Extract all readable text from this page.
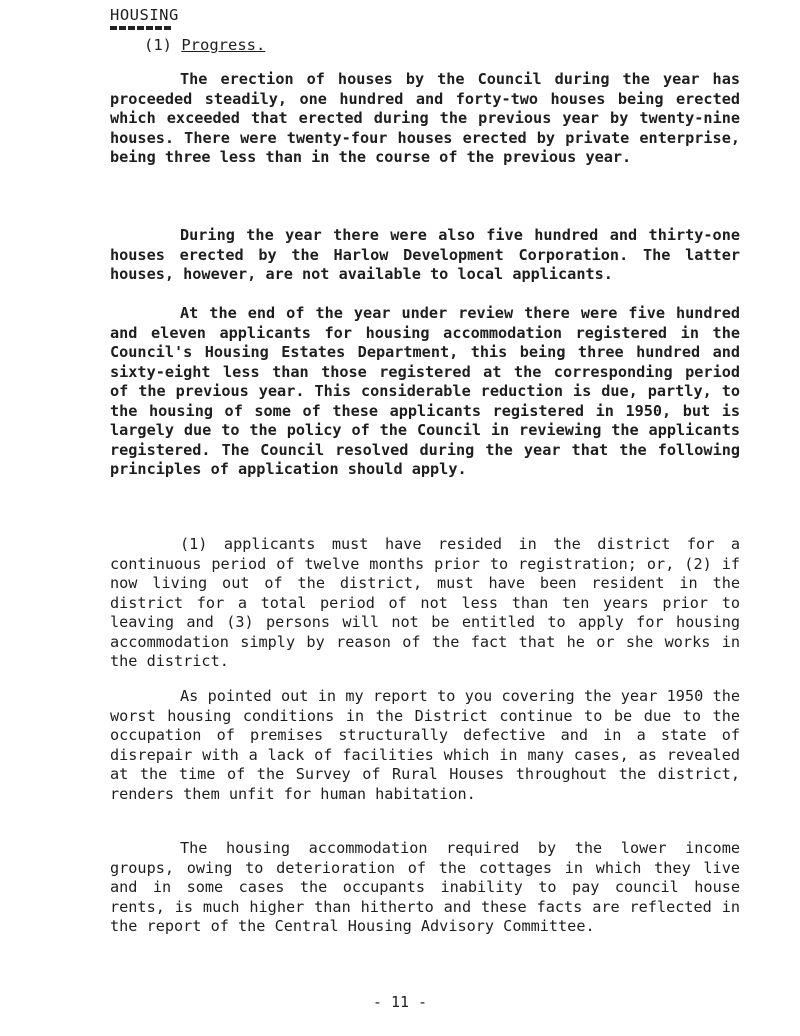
HOUSING
(1) Progress.

The erection of houses by the Council during the year has proceeded steadily, one hundred and forty-two houses being erected which exceeded that erected during the previous year by twenty-nine houses. There were twenty-four houses erected by private enterprise, being three less than in the course of the previous year.

During the year there were also five hundred and thirty-one houses erected by the Harlow Development Corporation. The latter houses, however, are not available to local applicants.

At the end of the year under review there were five hundred and eleven applicants for housing accommodation registered in the Council's Housing Estates Department, this being three hundred and sixty-eight less than those registered at the corresponding period of the previous year. This considerable reduction is due, partly, to the housing of some of these applicants registered in 1950, but is largely due to the policy of the Council in reviewing the applicants registered. The Council resolved during the year that the following principles of application should apply.

(1) applicants must have resided in the district for a continuous period of twelve months prior to registration; or, (2) if now living out of the district, must have been resident in the district for a total period of not less than ten years prior to leaving and (3) persons will not be entitled to apply for housing accommodation simply by reason of the fact that he or she works in the district.

As pointed out in my report to you covering the year 1950 the worst housing conditions in the District continue to be due to the occupation of premises structurally defective and in a state of disrepair with a lack of facilities which in many cases, as revealed at the time of the Survey of Rural Houses throughout the district, renders them unfit for human habitation.

The housing accommodation required by the lower income groups, owing to deterioration of the cottages in which they live and in some cases the occupants inability to pay council house rents, is much higher than hitherto and these facts are reflected in the report of the Central Housing Advisory Committee.

- 11 -
